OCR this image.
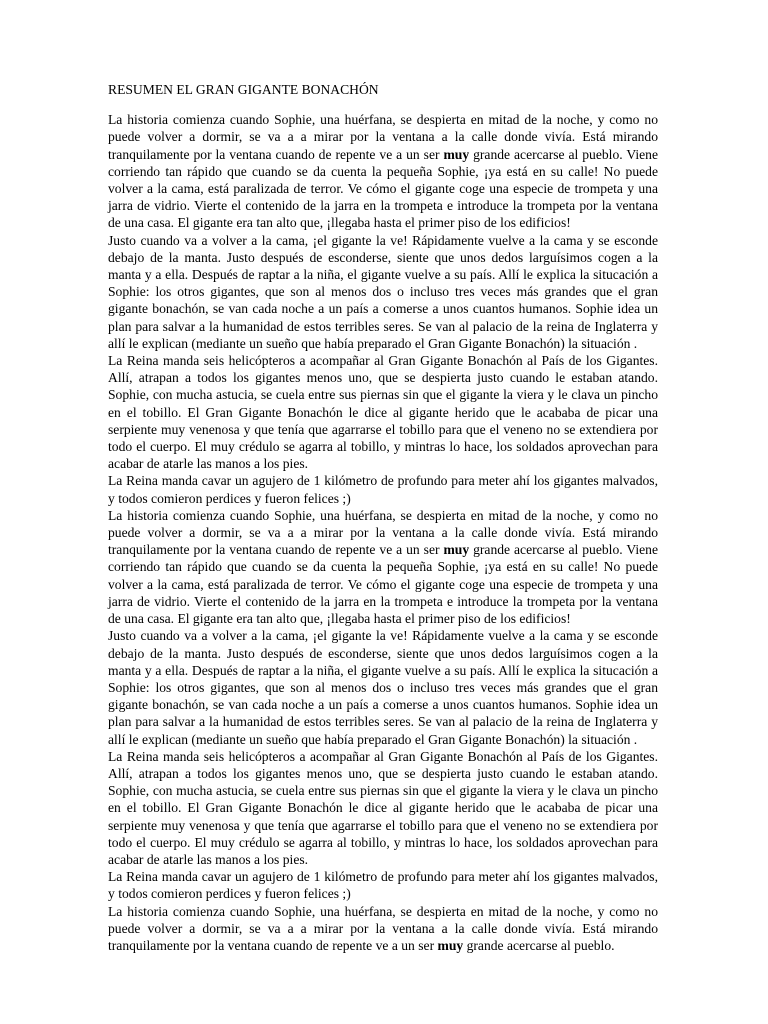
RESUMEN EL GRAN GIGANTE BONACHÓN

La historia comienza cuando Sophie, una huérfana, se despierta en mitad de la noche, y como no puede volver a dormir, se va a a mirar por la ventana a la calle donde vivía. Está mirando tranquilamente por la ventana cuando de repente ve a un ser muy grande acercarse al pueblo. Viene corriendo tan rápido que cuando se da cuenta la pequeña Sophie, ¡ya está en su calle! No puede volver a la cama, está paralizada de terror. Ve cómo el gigante coge una especie de trompeta y una jarra de vidrio. Vierte el contenido de la jarra en la trompeta e introduce la trompeta por la ventana de una casa. El gigante era tan alto que, ¡llegaba hasta el primer piso de los edificios!

Justo cuando va a volver a la cama, ¡el gigante la ve! Rápidamente vuelve a la cama y se esconde debajo de la manta. Justo después de esconderse, siente que unos dedos larguísimos cogen a la manta y a ella. Después de raptar a la niña, el gigante vuelve a su país. Allí le explica la situcación a Sophie: los otros gigantes, que son al menos dos o incluso tres veces más grandes que el gran gigante bonachón, se van cada noche a un país a comerse a unos cuantos humanos. Sophie idea un plan para salvar a la humanidad de estos terribles seres. Se van al palacio de la reina de Inglaterra y allí le explican (mediante un sueño que había preparado el Gran Gigante Bonachón) la situación .

La Reina manda seis helicópteros a acompañar al Gran Gigante Bonachón al País de los Gigantes. Allí, atrapan a todos los gigantes menos uno, que se despierta justo cuando le estaban atando. Sophie, con mucha astucia, se cuela entre sus piernas sin que el gigante la viera y le clava un pincho en el tobillo. El Gran Gigante Bonachón le dice al gigante herido que le acababa de picar una serpiente muy venenosa y que tenía que agarrarse el tobillo para que el veneno no se extendiera por todo el cuerpo. El muy crédulo se agarra al tobillo, y mintras lo hace, los soldados aprovechan para acabar de atarle las manos a los pies.

La Reina manda cavar un agujero de 1 kilómetro de profundo para meter ahí los gigantes malvados, y todos comieron perdices y fueron felices ;)

La historia comienza cuando Sophie, una huérfana, se despierta en mitad de la noche, y como no puede volver a dormir, se va a a mirar por la ventana a la calle donde vivía. Está mirando tranquilamente por la ventana cuando de repente ve a un ser muy grande acercarse al pueblo. Viene corriendo tan rápido que cuando se da cuenta la pequeña Sophie, ¡ya está en su calle! No puede volver a la cama, está paralizada de terror. Ve cómo el gigante coge una especie de trompeta y una jarra de vidrio. Vierte el contenido de la jarra en la trompeta e introduce la trompeta por la ventana de una casa. El gigante era tan alto que, ¡llegaba hasta el primer piso de los edificios!

Justo cuando va a volver a la cama, ¡el gigante la ve! Rápidamente vuelve a la cama y se esconde debajo de la manta. Justo después de esconderse, siente que unos dedos larguísimos cogen a la manta y a ella. Después de raptar a la niña, el gigante vuelve a su país. Allí le explica la situcación a Sophie: los otros gigantes, que son al menos dos o incluso tres veces más grandes que el gran gigante bonachón, se van cada noche a un país a comerse a unos cuantos humanos. Sophie idea un plan para salvar a la humanidad de estos terribles seres. Se van al palacio de la reina de Inglaterra y allí le explican (mediante un sueño que había preparado el Gran Gigante Bonachón) la situación .

La Reina manda seis helicópteros a acompañar al Gran Gigante Bonachón al País de los Gigantes. Allí, atrapan a todos los gigantes menos uno, que se despierta justo cuando le estaban atando. Sophie, con mucha astucia, se cuela entre sus piernas sin que el gigante la viera y le clava un pincho en el tobillo. El Gran Gigante Bonachón le dice al gigante herido que le acababa de picar una serpiente muy venenosa y que tenía que agarrarse el tobillo para que el veneno no se extendiera por todo el cuerpo. El muy crédulo se agarra al tobillo, y mintras lo hace, los soldados aprovechan para acabar de atarle las manos a los pies.

La Reina manda cavar un agujero de 1 kilómetro de profundo para meter ahí los gigantes malvados, y todos comieron perdices y fueron felices ;)

La historia comienza cuando Sophie, una huérfana, se despierta en mitad de la noche, y como no puede volver a dormir, se va a a mirar por la ventana a la calle donde vivía. Está mirando tranquilamente por la ventana cuando de repente ve a un ser muy grande acercarse al pueblo.
